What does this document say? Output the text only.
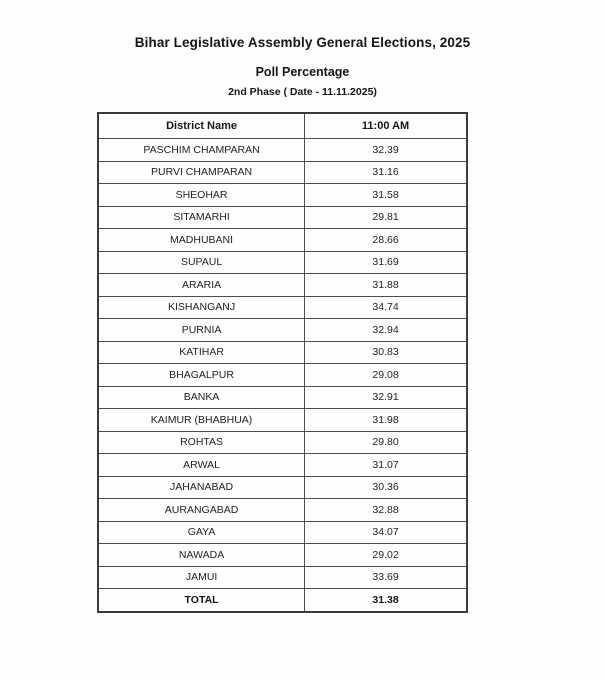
Bihar Legislative Assembly General Elections, 2025
Poll Percentage
2nd Phase ( Date - 11.11.2025)
District Name	11:00 AM
PASCHIM CHAMPARAN	32.39
PURVI CHAMPARAN	31.16
SHEOHAR	31.58
SITAMARHI	29.81
MADHUBANI	28.66
SUPAUL	31.69
ARARIA	31.88
KISHANGANJ	34.74
PURNIA	32.94
KATIHAR	30.83
BHAGALPUR	29.08
BANKA	32.91
KAIMUR (BHABHUA)	31.98
ROHTAS	29.80
ARWAL	31.07
JAHANABAD	30.36
AURANGABAD	32.88
GAYA	34.07
NAWADA	29.02
JAMUI	33.69
TOTAL	31.38
